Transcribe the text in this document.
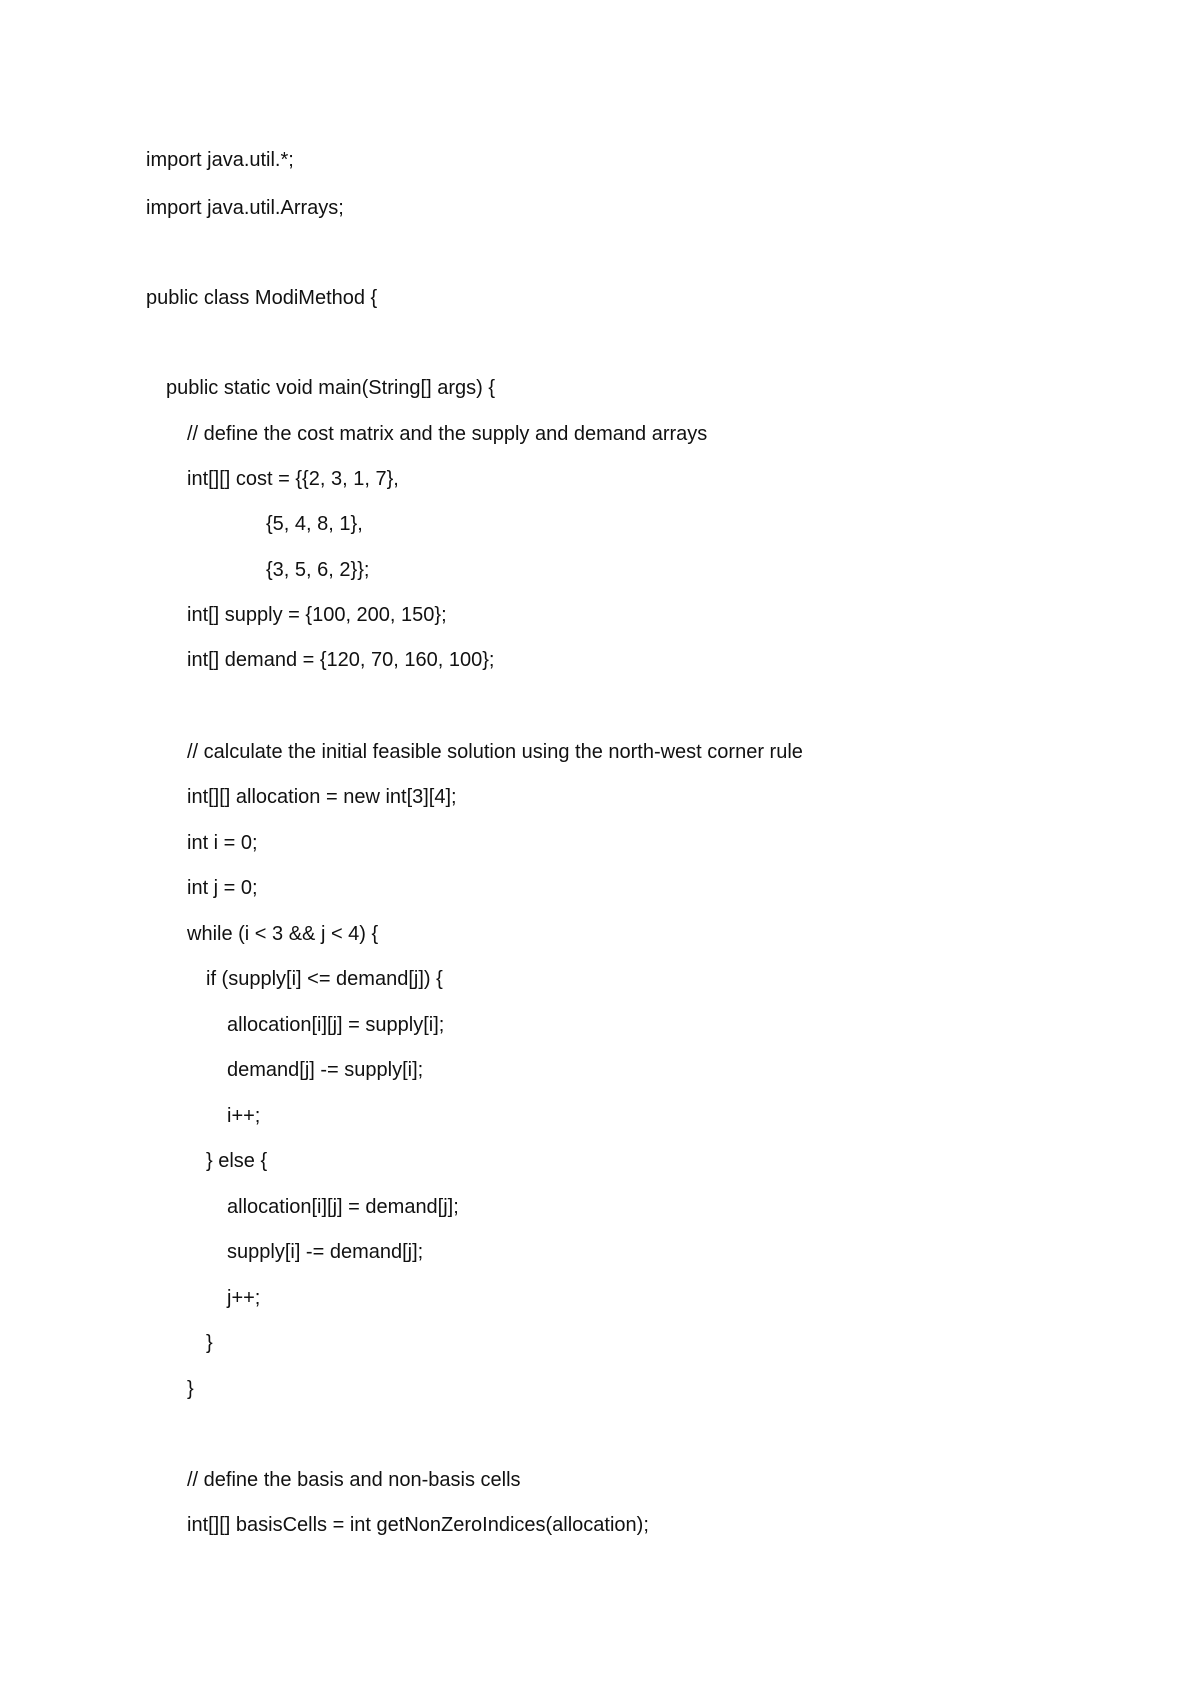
import java.util.*;
import java.util.Arrays;
public class ModiMethod {
public static void main(String[] args) {
// define the cost matrix and the supply and demand arrays
int[][] cost = {{2, 3, 1, 7},
{5, 4, 8, 1},
{3, 5, 6, 2}};
int[] supply = {100, 200, 150};
int[] demand = {120, 70, 160, 100};
// calculate the initial feasible solution using the north-west corner rule
int[][] allocation = new int[3][4];
int i = 0;
int j = 0;
while (i < 3 && j < 4) {
if (supply[i] <= demand[j]) {
allocation[i][j] = supply[i];
demand[j] -= supply[i];
i++;
} else {
allocation[i][j] = demand[j];
supply[i] -= demand[j];
j++;
}
}
// define the basis and non-basis cells
int[][] basisCells = int getNonZeroIndices(allocation);
